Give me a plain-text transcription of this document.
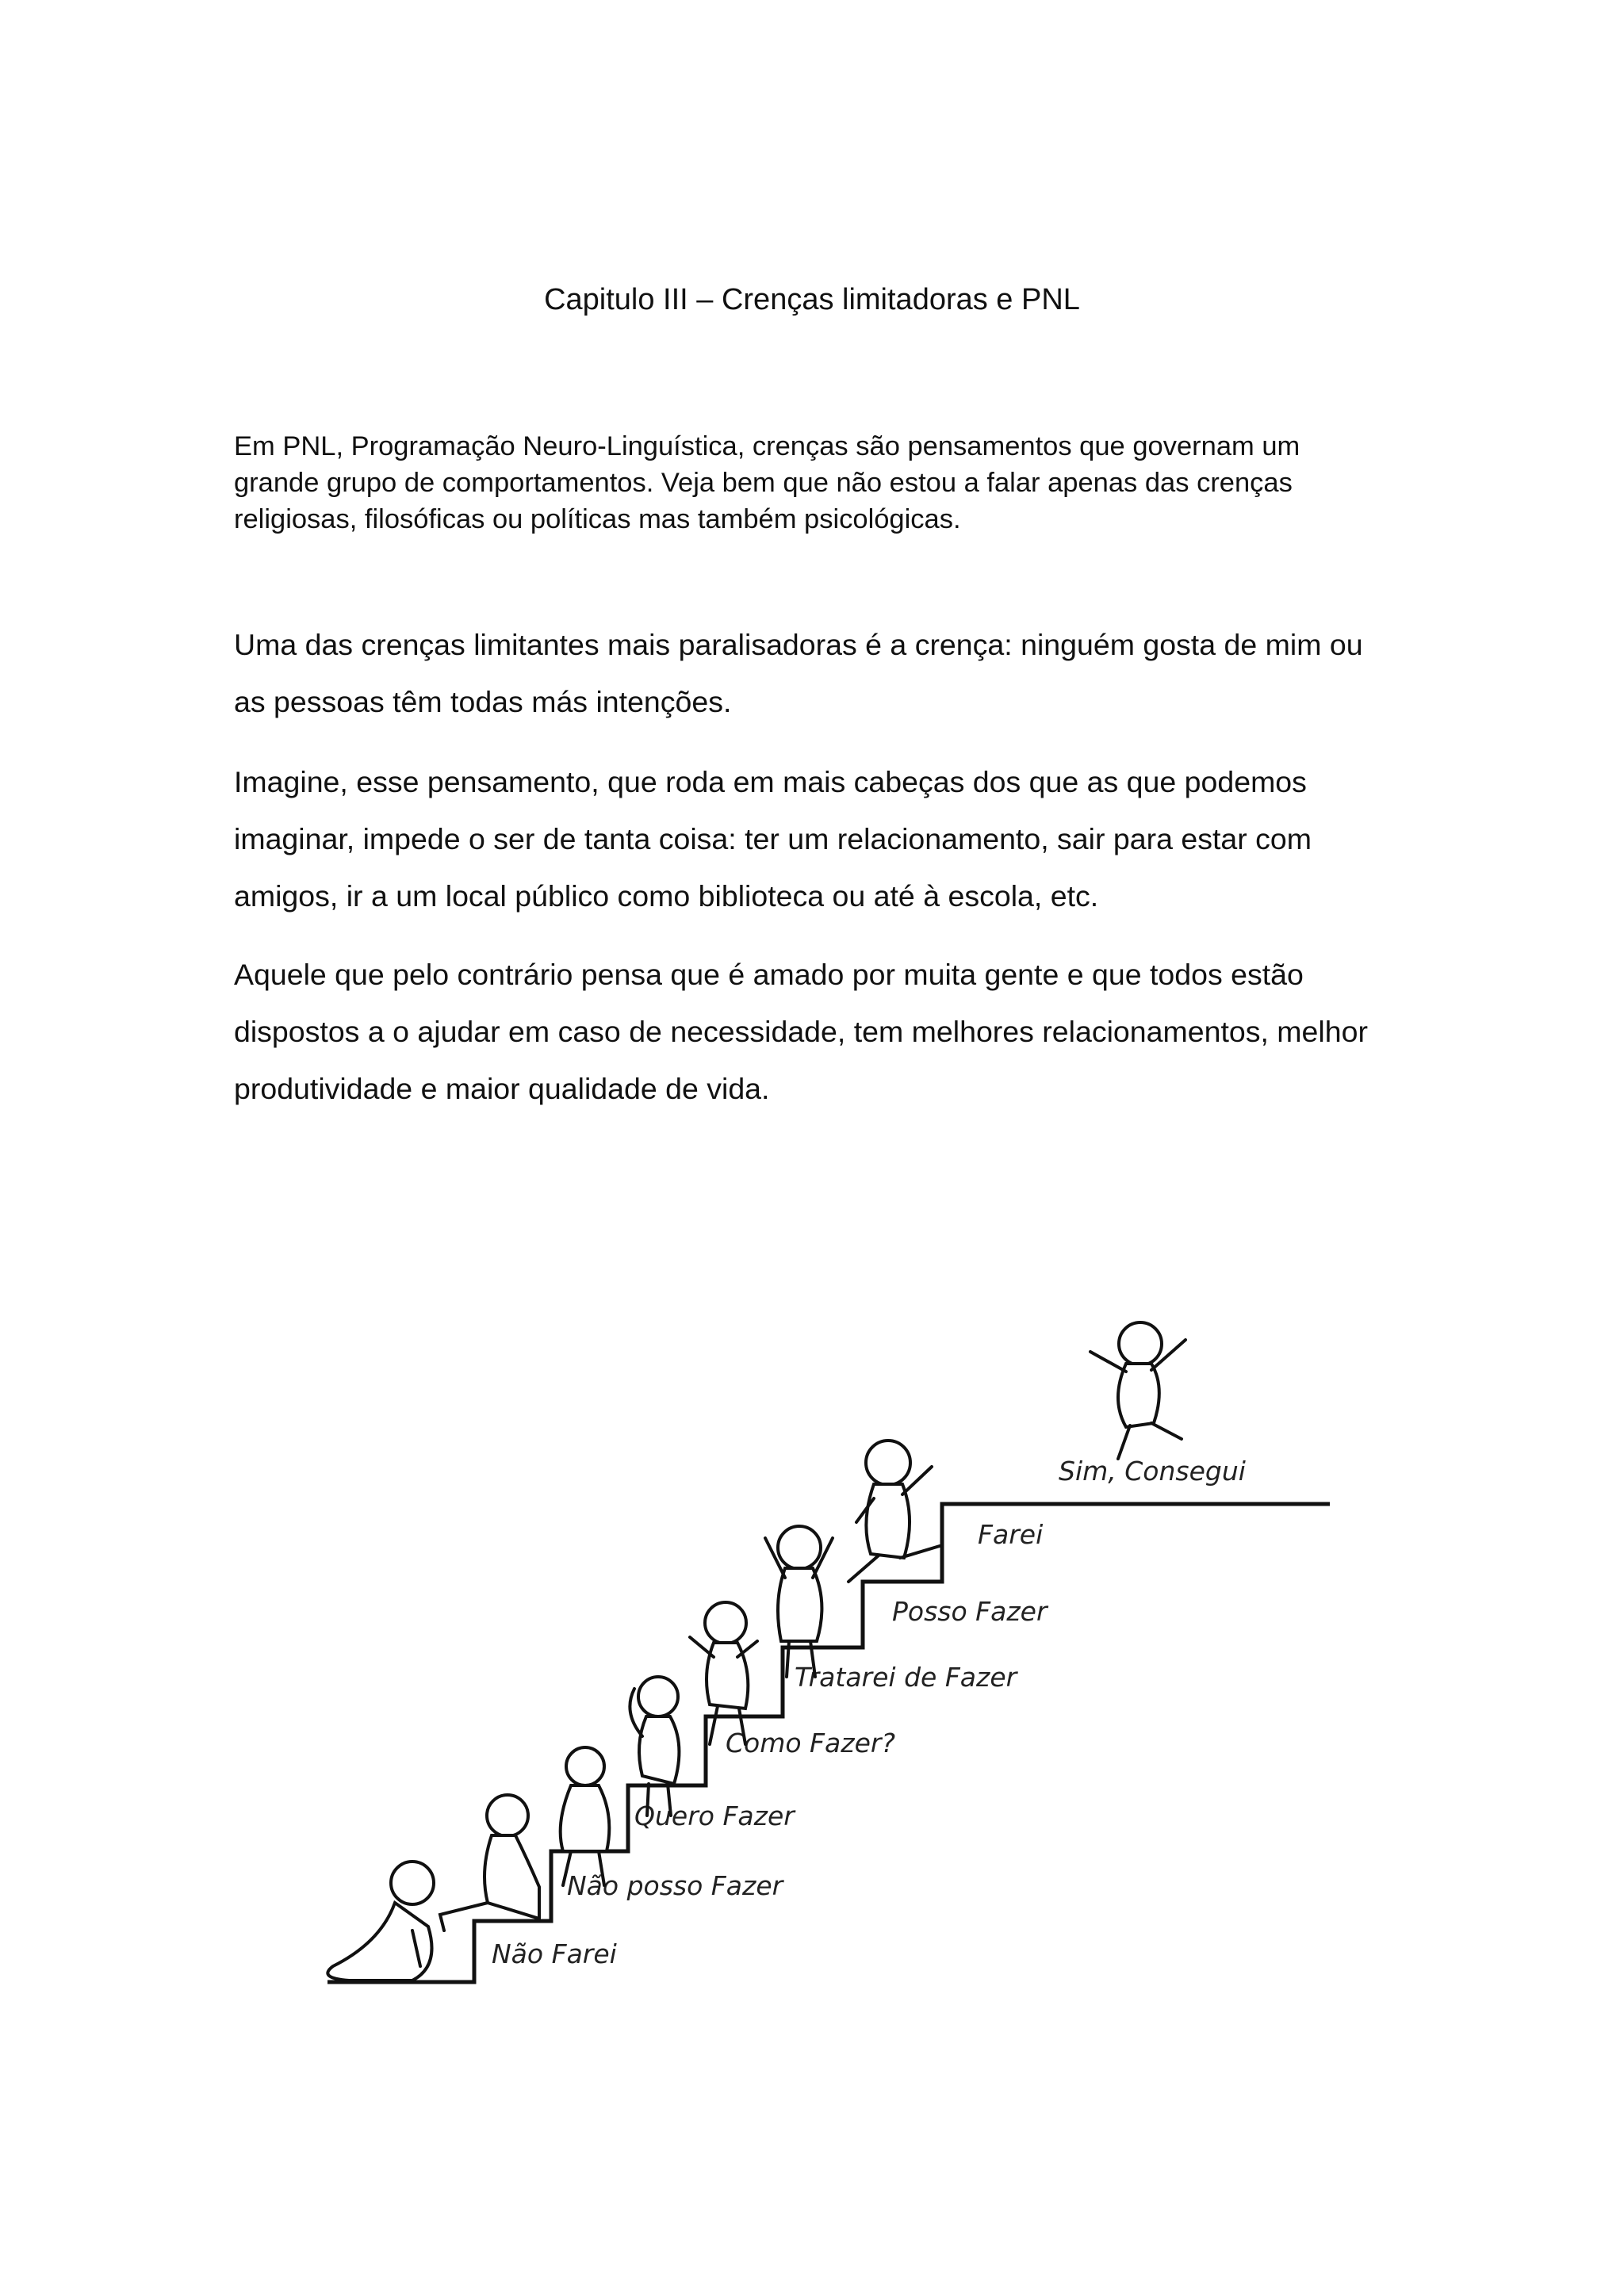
Capitulo III – Crenças limitadoras e PNL

Em PNL, Programação Neuro-Linguística, crenças são pensamentos que governam um
grande grupo de comportamentos. Veja bem que não estou a falar apenas das crenças
religiosas, filosóficas ou políticas mas também psicológicas.

Uma das crenças limitantes mais paralisadoras é a crença: ninguém gosta de mim ou
as pessoas têm todas más intenções.

Imagine, esse pensamento, que roda em mais cabeças dos que as que podemos
imaginar, impede o ser de tanta coisa: ter um relacionamento, sair para estar com
amigos, ir a um local público como biblioteca ou até à escola, etc.

Aquele que pelo contrário pensa que é amado por muita gente e que todos estão
dispostos a o ajudar em caso de necessidade, tem melhores relacionamentos, melhor
produtividade e maior qualidade de vida.

Não Farei
Não posso Fazer
Quero Fazer
Como Fazer?
Tratarei de Fazer
Posso Fazer
Farei
Sim, Consegui
